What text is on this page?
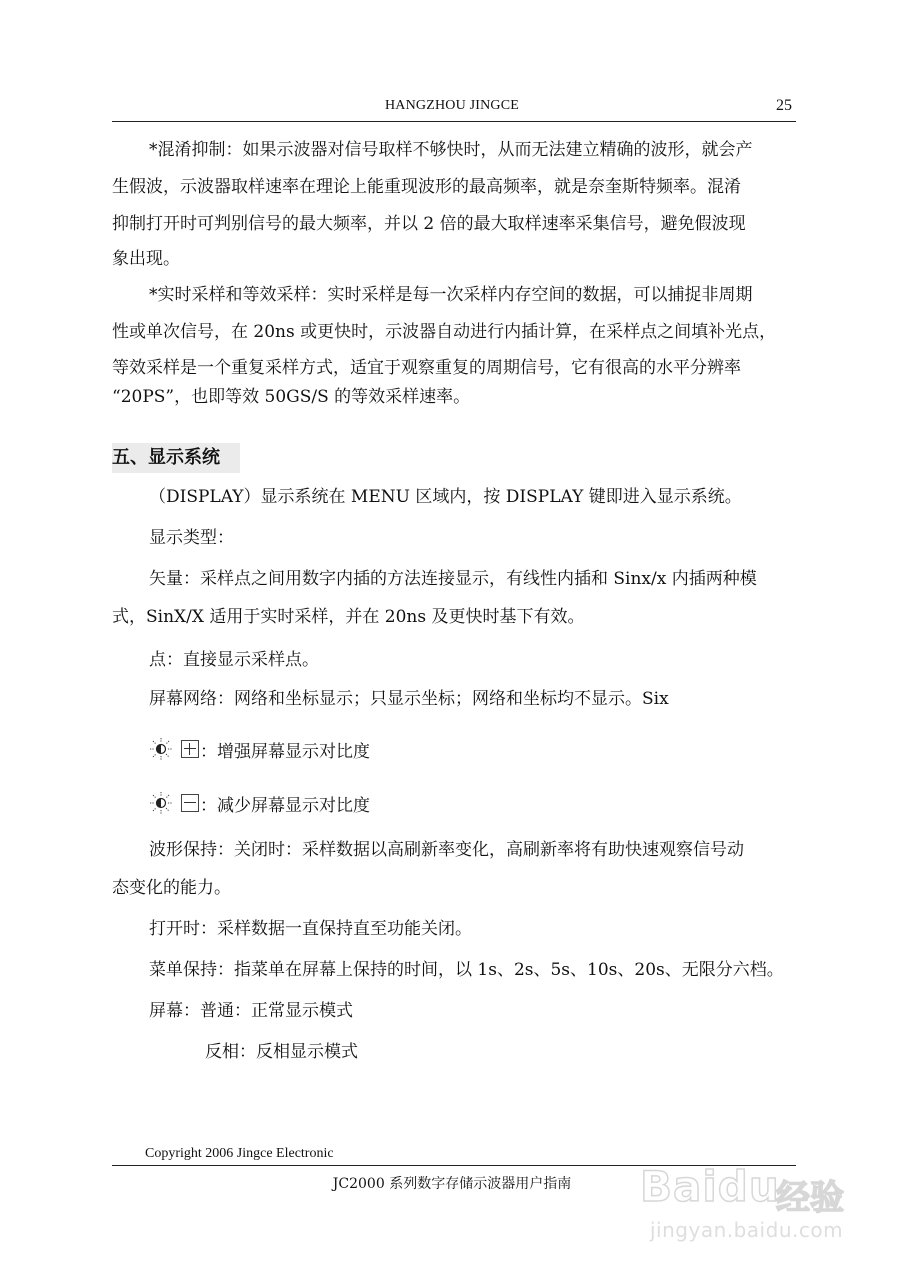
HANGZHOU JINGCE	25
*混淆抑制：如果示波器对信号取样不够快时，从而无法建立精确的波形，就会产
生假波，示波器取样速率在理论上能重现波形的最高频率，就是奈奎斯特频率。混淆
抑制打开时可判别信号的最大频率，并以 2 倍的最大取样速率采集信号，避免假波现
象出现。
*实时采样和等效采样：实时采样是每一次采样内存空间的数据，可以捕捉非周期
性或单次信号，在 20ns 或更快时，示波器自动进行内插计算，在采样点之间填补光点，
等效采样是一个重复采样方式，适宜于观察重复的周期信号，它有很高的水平分辨率
“20PS”，也即等效 50GS/S 的等效采样速率。
五、显示系统
（DISPLAY）显示系统在 MENU 区域内，按 DISPLAY 键即进入显示系统。
显示类型：
矢量：采样点之间用数字内插的方法连接显示，有线性内插和 Sinx/x 内插两种模
式，SinX/X 适用于实时采样，并在 20ns 及更快时基下有效。
点：直接显示采样点。
屏幕网络：网络和坐标显示；只显示坐标；网络和坐标均不显示。Six
：增强屏幕显示对比度
：减少屏幕显示对比度
波形保持：关闭时：采样数据以高刷新率变化，高刷新率将有助快速观察信号动
态变化的能力。
打开时：采样数据一直保持直至功能关闭。
菜单保持：指菜单在屏幕上保持的时间，以 1s、2s、5s、10s、20s、无限分六档。
屏幕：普通：正常显示模式
反相：反相显示模式
Copyright 2006 Jingce Electronic
JC2000 系列数字存储示波器用户指南	Baidu
经验
jingyan.baidu.com
